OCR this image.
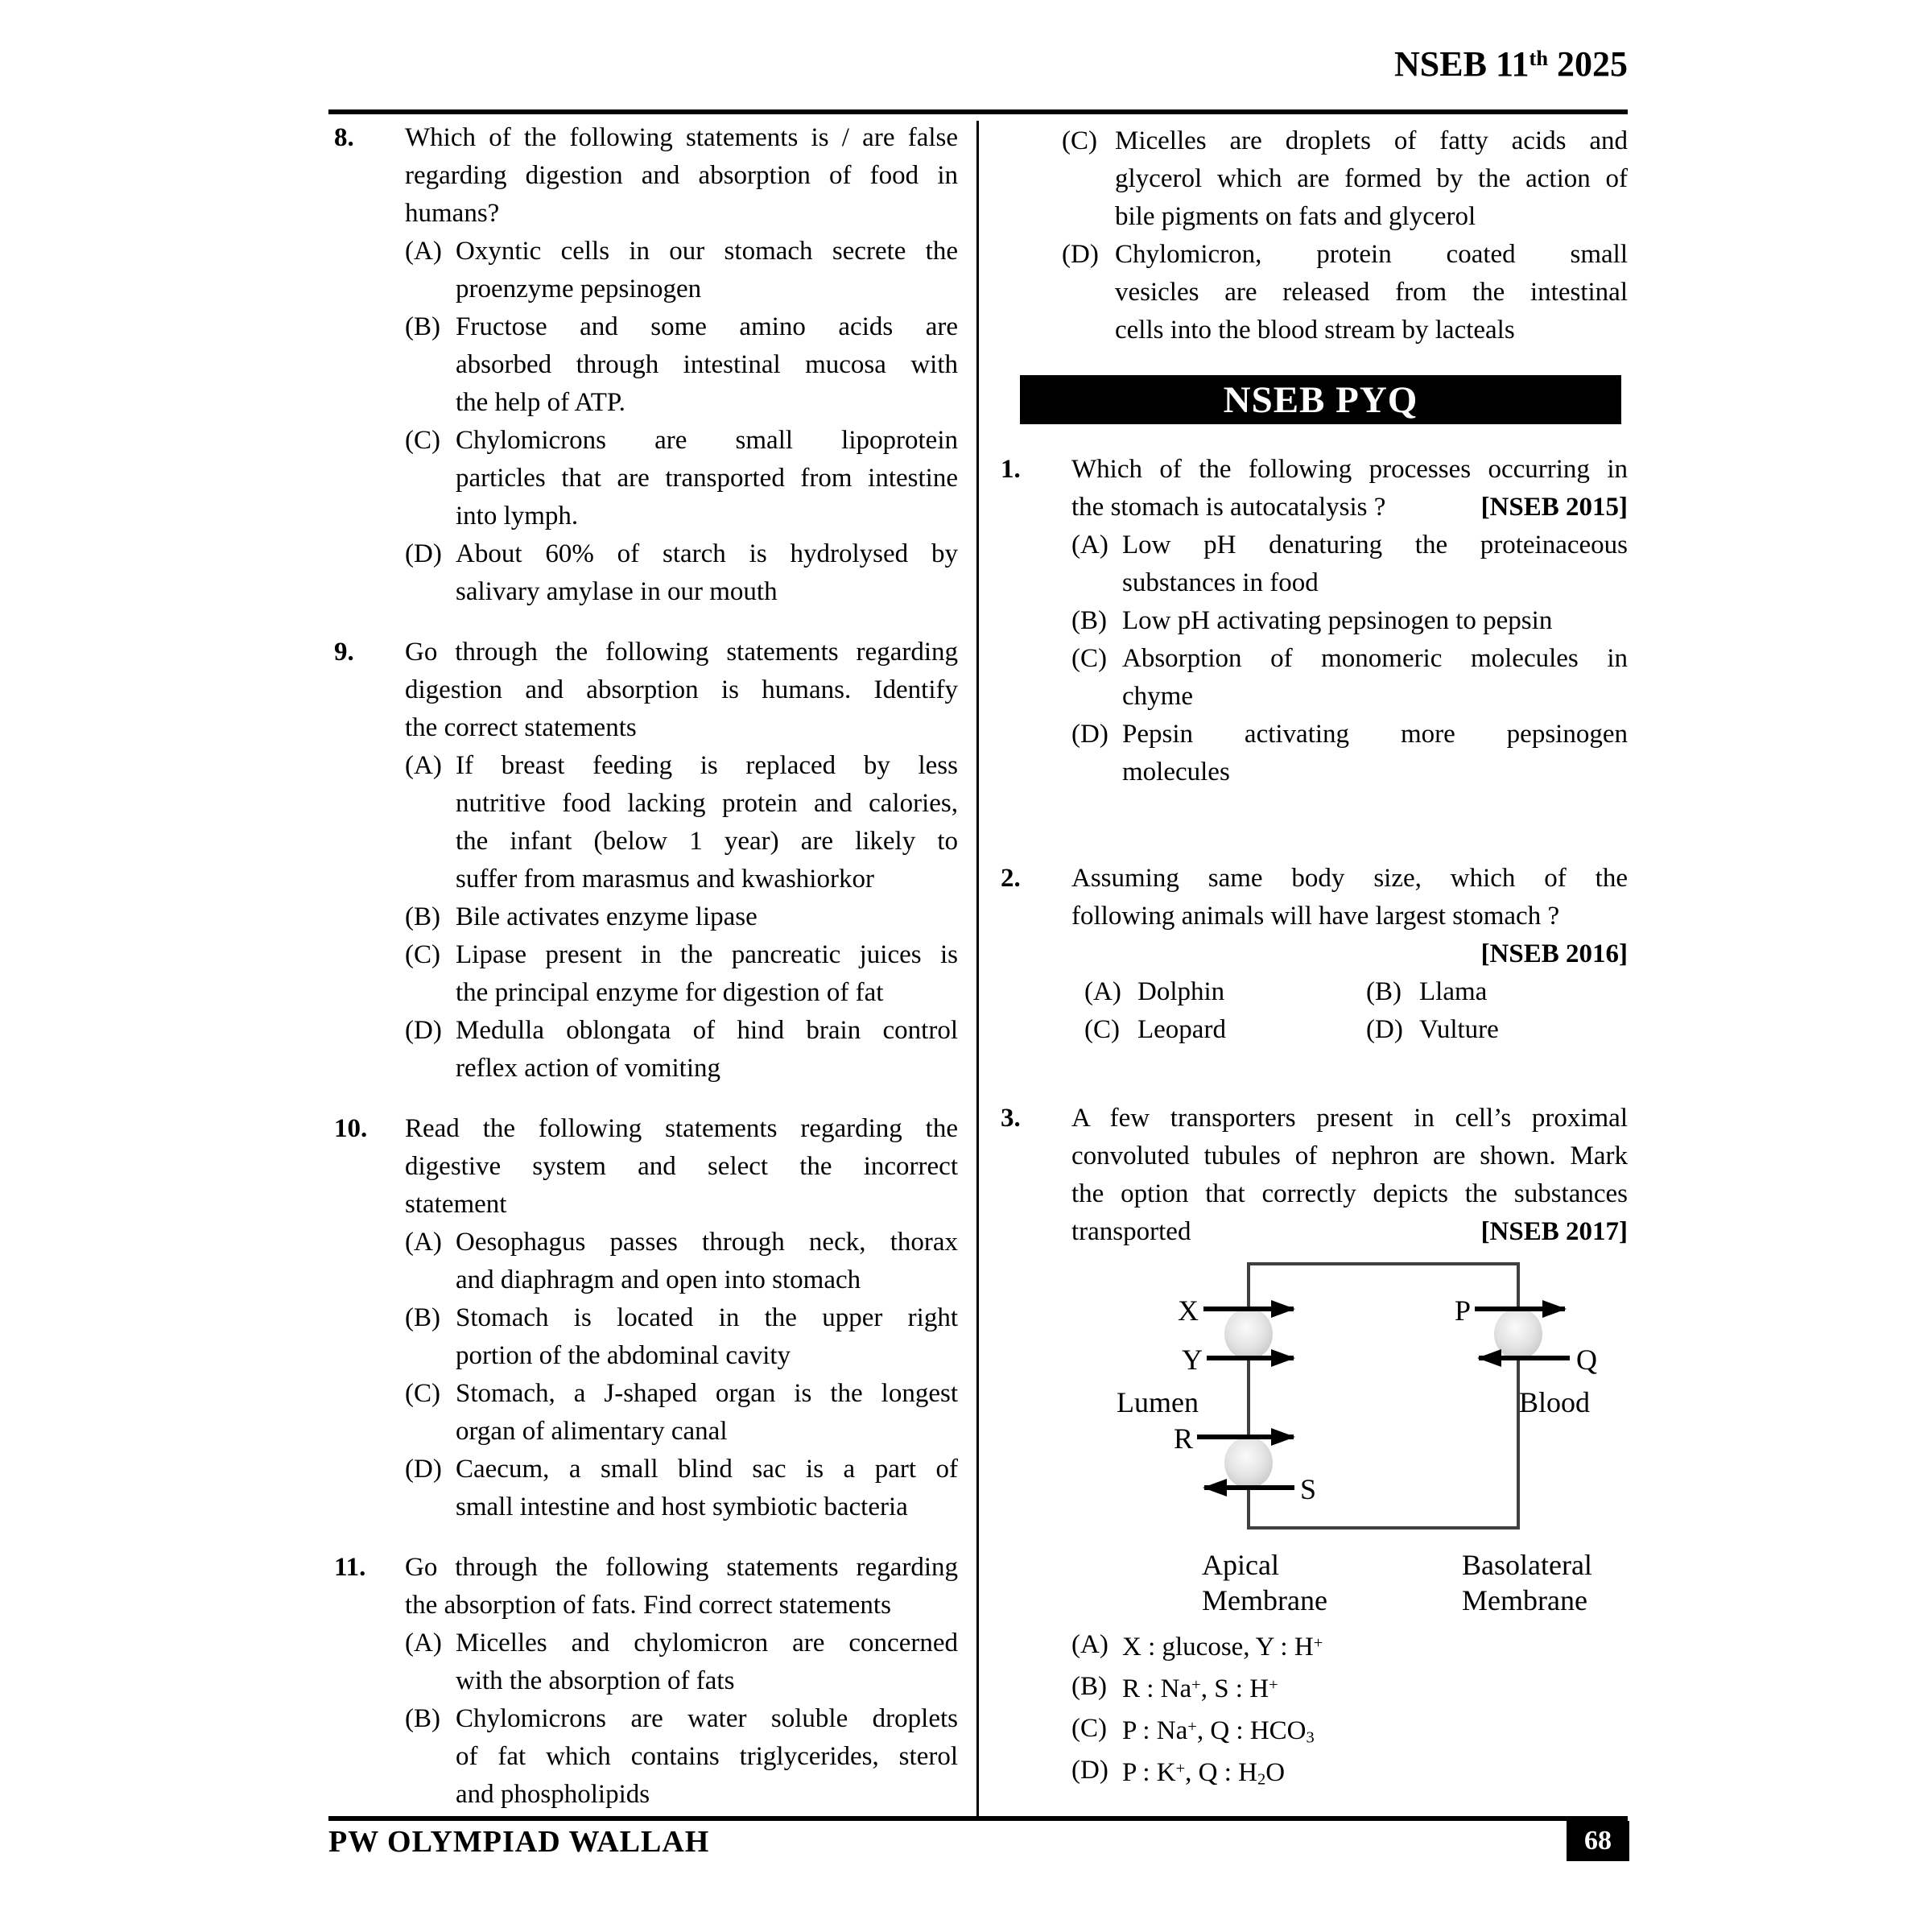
NSEB 11th 2025
8.	Which of the following statements is / are false
regarding digestion and absorption of food in
humans?
(A) Oxyntic cells in our stomach secrete the
proenzyme pepsinogen
(B) Fructose and some amino acids are
absorbed through intestinal mucosa with
the help of ATP.
(C) Chylomicrons are small lipoprotein
particles that are transported from intestine
into lymph.
(D) About 60% of starch is hydrolysed by
salivary amylase in our mouth
9.	Go through the following statements regarding
digestion and absorption is humans. Identify
the correct statements
(A) If breast feeding is replaced by less
nutritive food lacking protein and calories,
the infant (below 1 year) are likely to
suffer from marasmus and kwashiorkor
(B) Bile activates enzyme lipase
(C) Lipase present in the pancreatic juices is
the principal enzyme for digestion of fat
(D) Medulla oblongata of hind brain control
reflex action of vomiting
10.	Read the following statements regarding the
digestive system and select the incorrect
statement
(A) Oesophagus passes through neck, thorax
and diaphragm and open into stomach
(B) Stomach is located in the upper right
portion of the abdominal cavity
(C) Stomach, a J-shaped organ is the longest
organ of alimentary canal
(D) Caecum, a small blind sac is a part of
small intestine and host symbiotic bacteria
11.	Go through the following statements regarding
the absorption of fats. Find correct statements
(A) Micelles and chylomicron are concerned
with the absorption of fats
(B) Chylomicrons are water soluble droplets
of fat which contains triglycerides, sterol
and phospholipids
(C) Micelles are droplets of fatty acids and
glycerol which are formed by the action of
bile pigments on fats and glycerol
(D) Chylomicron, protein coated small
vesicles are released from the intestinal
cells into the blood stream by lacteals
NSEB PYQ
1.	Which of the following processes occurring in
the stomach is autocatalysis ?	[NSEB 2015]
(A) Low pH denaturing the proteinaceous
substances in food
(B) Low pH activating pepsinogen to pepsin
(C) Absorption of monomeric molecules in
chyme
(D) Pepsin activating more pepsinogen
molecules
2.	Assuming same body size, which of the
following animals will have largest stomach ?
[NSEB 2016]
(A) Dolphin	(B) Llama
(C) Leopard	(D) Vulture
3.	A few transporters present in cell’s proximal
convoluted tubules of nephron are shown. Mark
the option that correctly depicts the substances
transported	[NSEB 2017]
X
Y
P
Q
R
S
Lumen	Blood
Apical
Membrane
Basolateral
Membrane
(A) X : glucose, Y : H+
(B) R : Na+, S : H+
(C) P : Na+, Q : $HCO_3$
(D) P : K+, Q : $H_2O$
PW OLYMPIAD WALLAH	68
